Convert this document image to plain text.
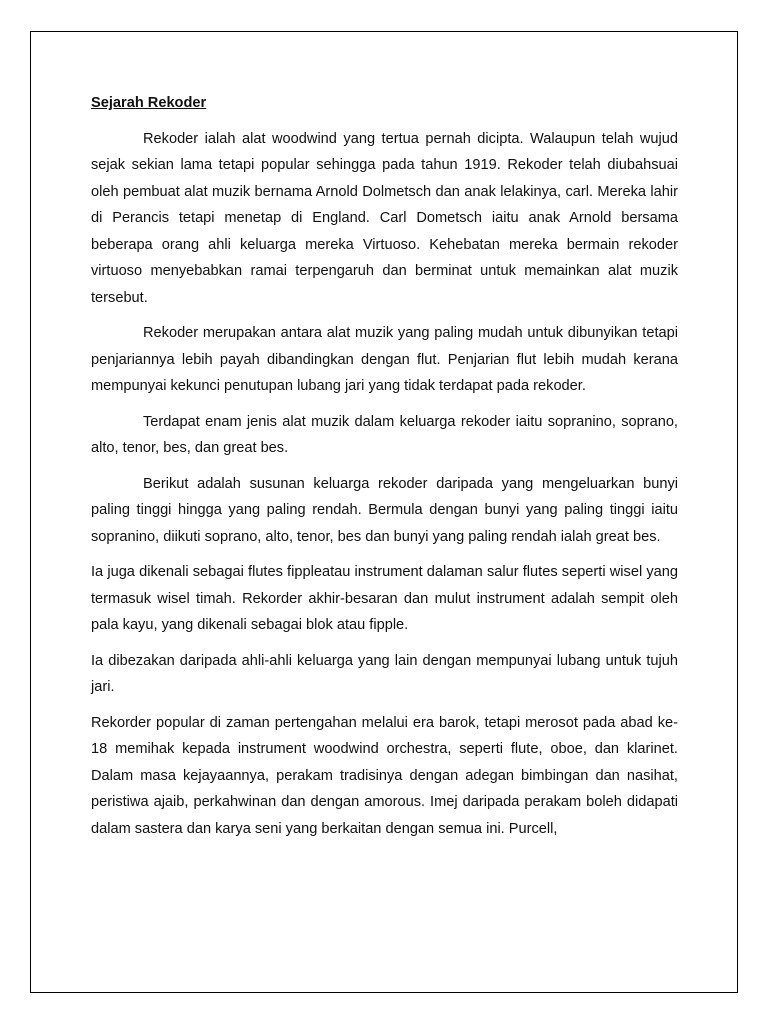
Sejarah Rekoder

Rekoder ialah alat woodwind yang tertua pernah dicipta. Walaupun telah wujud sejak sekian lama tetapi popular sehingga pada tahun 1919. Rekoder telah diubahsuai oleh pembuat alat muzik bernama Arnold Dolmetsch dan anak lelakinya, carl. Mereka lahir di Perancis tetapi menetap di England. Carl Dometsch iaitu anak Arnold bersama beberapa orang ahli keluarga mereka Virtuoso. Kehebatan mereka bermain rekoder virtuoso menyebabkan ramai terpengaruh dan berminat untuk memainkan alat muzik tersebut.

Rekoder merupakan antara alat muzik yang paling mudah untuk dibunyikan tetapi penjariannya lebih payah dibandingkan dengan flut. Penjarian flut lebih mudah kerana mempunyai kekunci penutupan lubang jari yang tidak terdapat pada rekoder.

Terdapat enam jenis alat muzik dalam keluarga rekoder iaitu sopranino, soprano, alto, tenor, bes, dan great bes.

Berikut adalah susunan keluarga rekoder daripada yang mengeluarkan bunyi paling tinggi hingga yang paling rendah. Bermula dengan bunyi yang paling tinggi iaitu sopranino, diikuti soprano, alto, tenor, bes dan bunyi yang paling rendah ialah great bes.

Ia juga dikenali sebagai flutes fippleatau instrument dalaman salur flutes seperti wisel yang termasuk wisel timah. Rekorder akhir-besaran dan mulut instrument adalah sempit oleh pala kayu, yang dikenali sebagai blok atau fipple.

Ia dibezakan daripada ahli-ahli keluarga yang lain dengan mempunyai lubang untuk tujuh jari.

Rekorder popular di zaman pertengahan melalui era barok, tetapi merosot pada abad ke-18 memihak kepada instrument woodwind orchestra, seperti flute, oboe, dan klarinet. Dalam masa kejayaannya, perakam tradisinya dengan adegan bimbingan dan nasihat, peristiwa ajaib, perkahwinan dan dengan amorous. Imej daripada perakam boleh didapati dalam sastera dan karya seni yang berkaitan dengan semua ini. Purcell,
